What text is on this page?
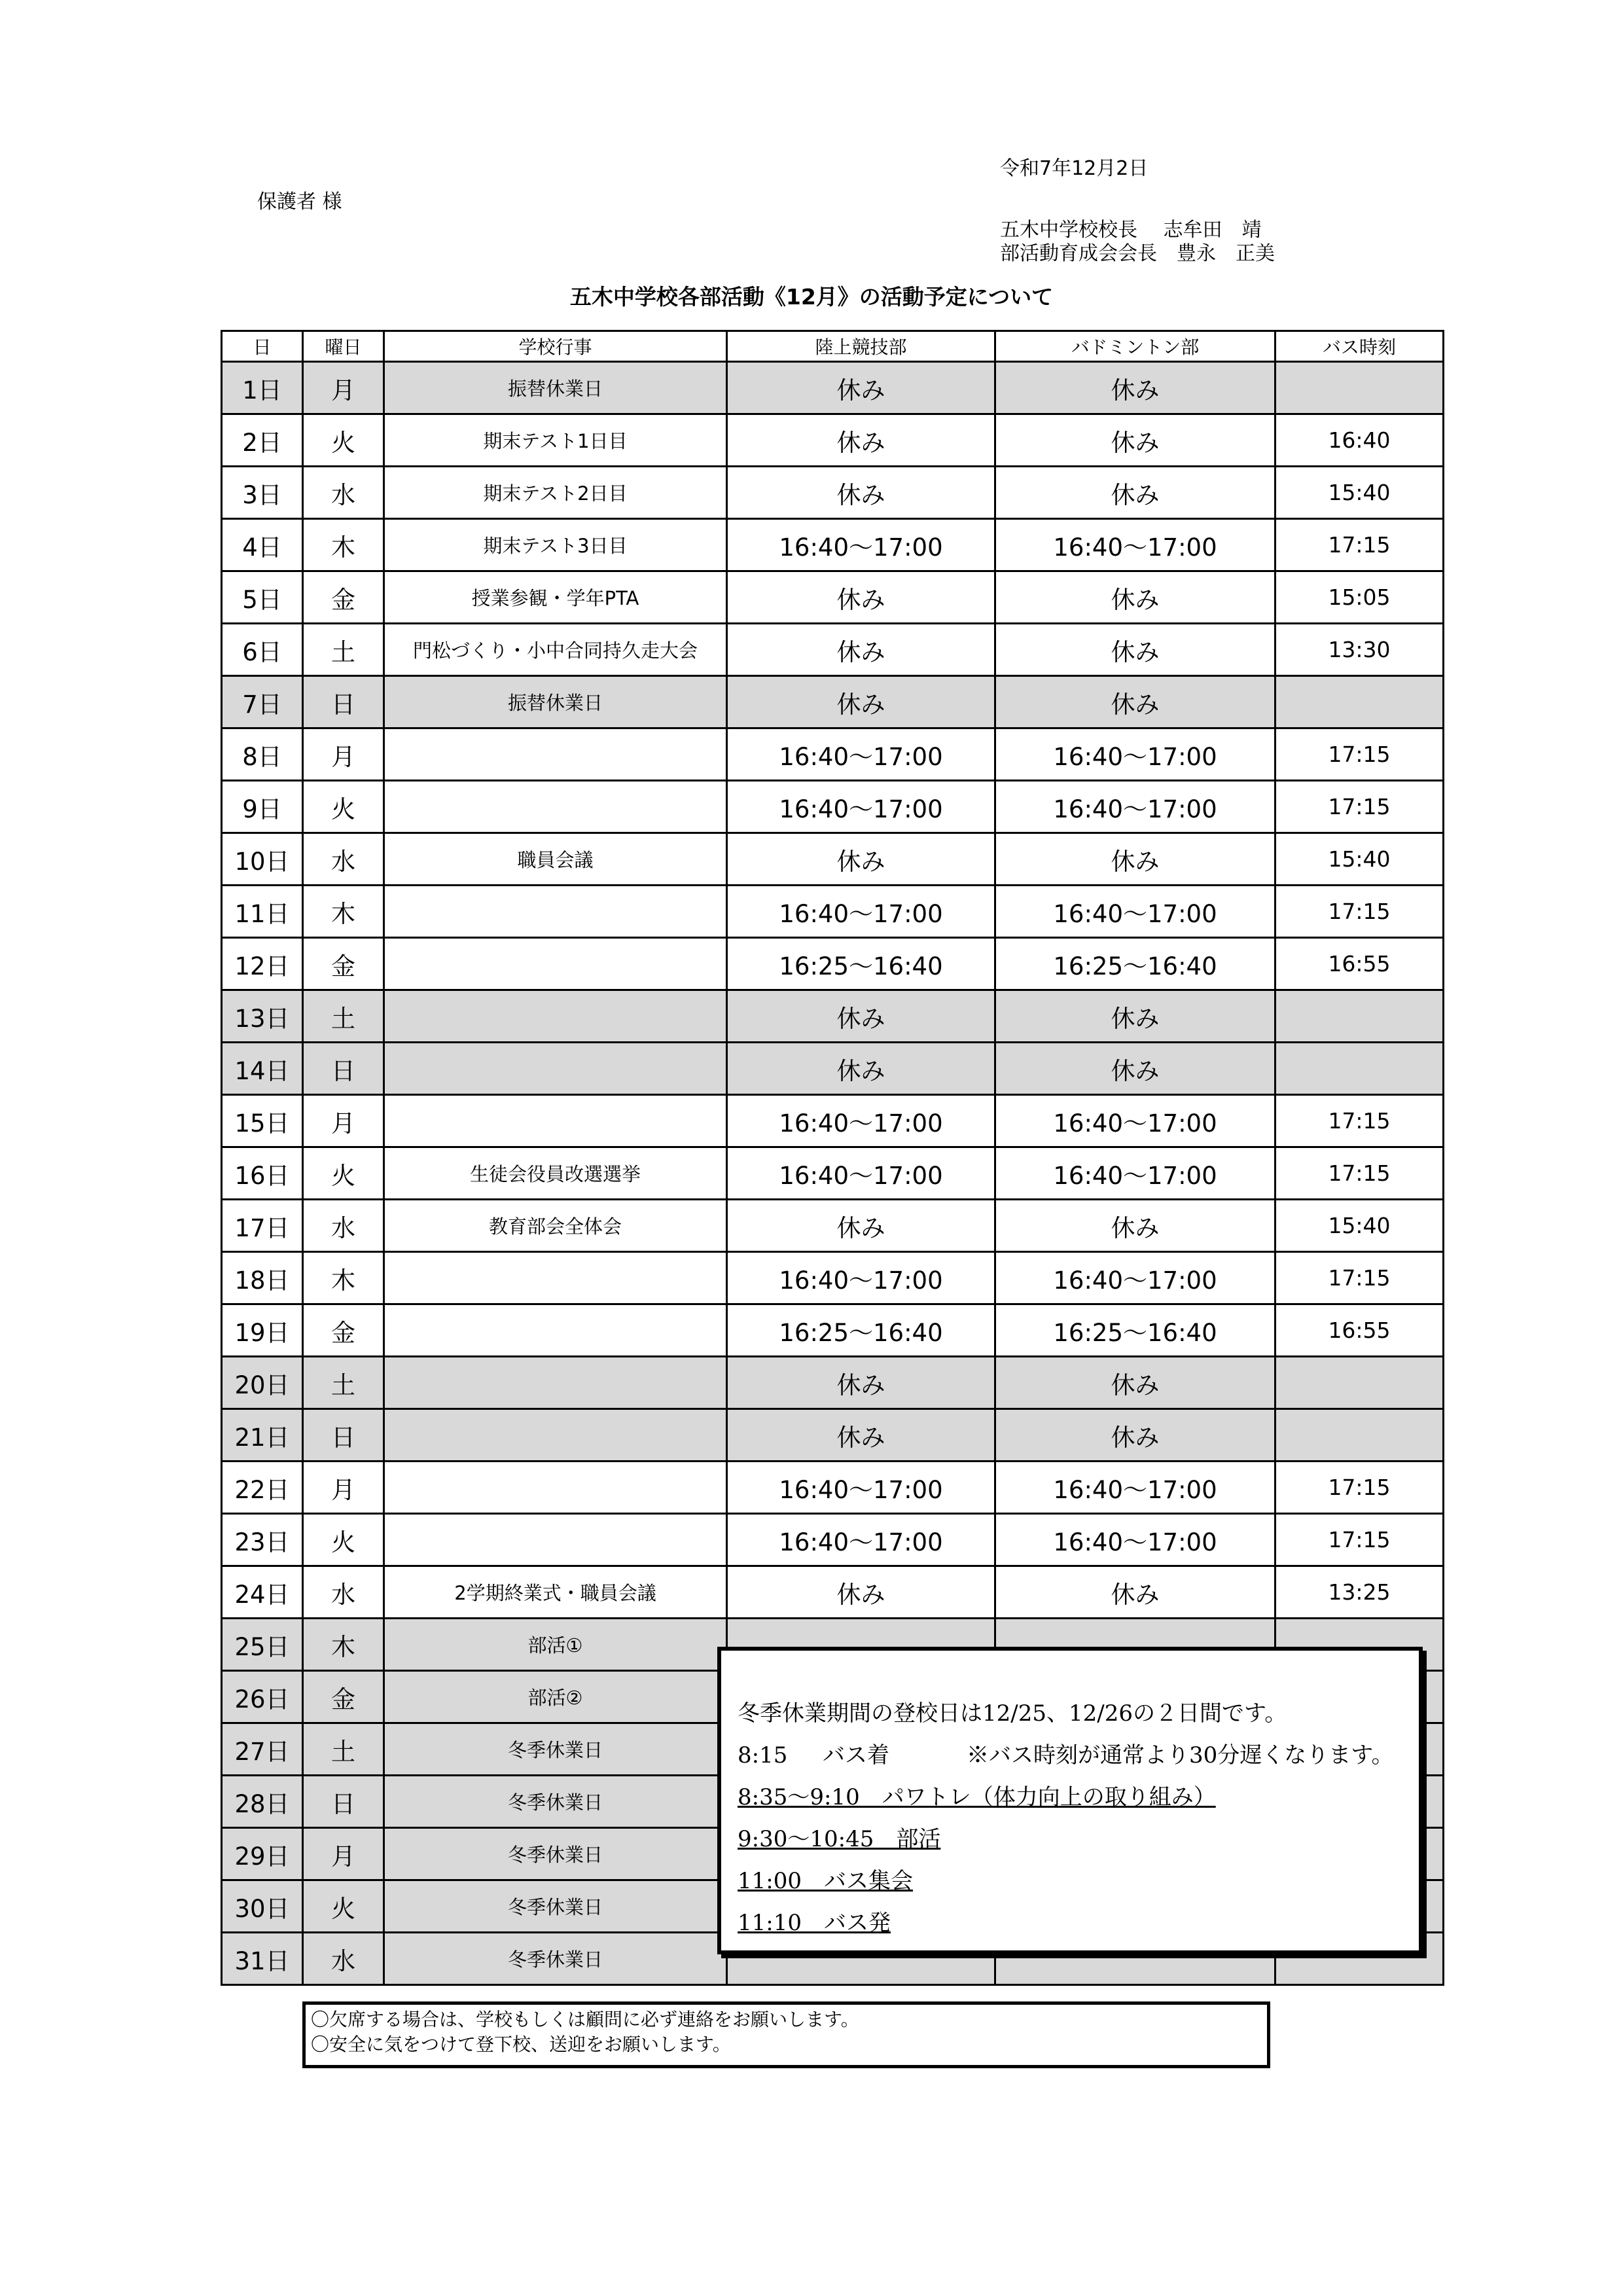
令和7年12月2日
保護者 様
五木中学校校長　 志牟田　靖
部活動育成会会長　豊永　正美
五木中学校各部活動《12月》の活動予定について
日	曜日	学校行事	陸上競技部	バドミントン部	バス時刻
1日	月	振替休業日	休み	休み	
2日	火	期末テスト1日目	休み	休み	16:40
3日	水	期末テスト2日目	休み	休み	15:40
4日	木	期末テスト3日目	16:40～17:00	16:40～17:00	17:15
5日	金	授業参観・学年PTA	休み	休み	15:05
6日	土	門松づくり・小中合同持久走大会	休み	休み	13:30
7日	日	振替休業日	休み	休み	
8日	月		16:40～17:00	16:40～17:00	17:15
9日	火		16:40～17:00	16:40～17:00	17:15
10日	水	職員会議	休み	休み	15:40
11日	木		16:40～17:00	16:40～17:00	17:15
12日	金		16:25～16:40	16:25～16:40	16:55
13日	土		休み	休み	
14日	日		休み	休み	
15日	月		16:40～17:00	16:40～17:00	17:15
16日	火	生徒会役員改選選挙	16:40～17:00	16:40～17:00	17:15
17日	水	教育部会全体会	休み	休み	15:40
18日	木		16:40～17:00	16:40～17:00	17:15
19日	金		16:25～16:40	16:25～16:40	16:55
20日	土		休み	休み	
21日	日		休み	休み	
22日	月		16:40～17:00	16:40～17:00	17:15
23日	火		16:40～17:00	16:40～17:00	17:15
24日	水	2学期終業式・職員会議	休み	休み	13:25
25日	木	部活①			
26日	金	部活②			
27日	土	冬季休業日			
28日	日	冬季休業日			
29日	月	冬季休業日			
30日	火	冬季休業日			
31日	水	冬季休業日			
冬季休業期間の登校日は12/25、12/26の２日間です。
8:15 バス着	※バス時刻が通常より30分遅くなります。
8:35～9:10　パワトレ（体力向上の取り組み）
9:30～10:45　部活
11:00　バス集会
11:10　バス発
〇欠席する場合は、学校もしくは顧問に必ず連絡をお願いします。
〇安全に気をつけて登下校、送迎をお願いします。
